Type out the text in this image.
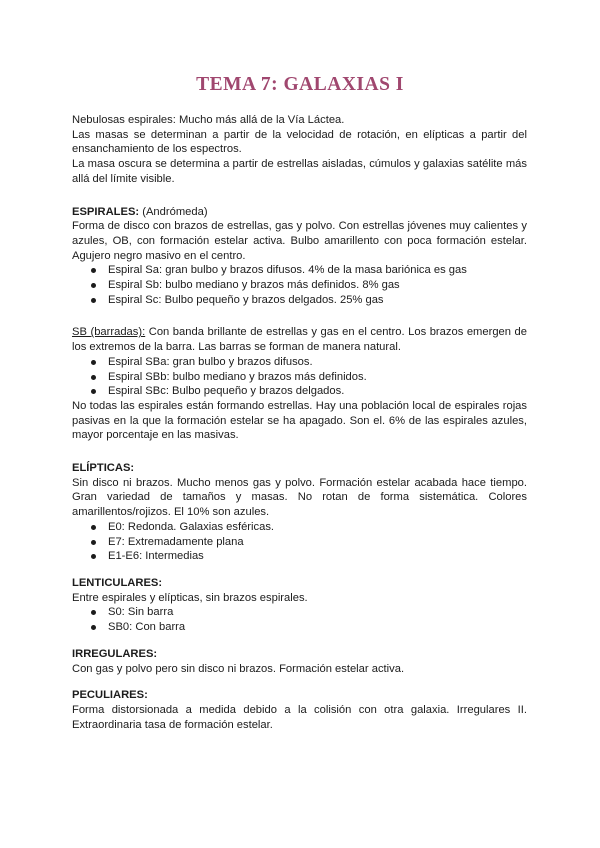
TEMA 7: GALAXIAS I

Nebulosas espirales: Mucho más allá de la Vía Láctea.

Las masas se determinan a partir de la velocidad de rotación, en elípticas a partir del ensanchamiento de los espectros.

La masa oscura se determina a partir de estrellas aisladas, cúmulos y galaxias satélite más allá del límite visible.

ESPIRALES: (Andrómeda)

Forma de disco con brazos de estrellas, gas y polvo. Con estrellas jóvenes muy calientes y azules, OB, con formación estelar activa. Bulbo amarillento con poca formación estelar. Agujero negro masivo en el centro.

Espiral Sa: gran bulbo y brazos difusos. 4% de la masa bariónica es gas
Espiral Sb: bulbo mediano y brazos más definidos. 8% gas
Espiral Sc: Bulbo pequeño y brazos delgados. 25% gas

SB (barradas): Con banda brillante de estrellas y gas en el centro. Los brazos emergen de los extremos de la barra. Las barras se forman de manera natural.

Espiral SBa: gran bulbo y brazos difusos.
Espiral SBb: bulbo mediano y brazos más definidos.
Espiral SBc: Bulbo pequeño y brazos delgados.

No todas las espirales están formando estrellas. Hay una población local de espirales rojas pasivas en la que la formación estelar se ha apagado. Son el. 6% de las espirales azules, mayor porcentaje en las masivas.

ELÍPTICAS:

Sin disco ni brazos. Mucho menos gas y polvo. Formación estelar acabada hace tiempo. Gran variedad de tamaños y masas. No rotan de forma sistemática. Colores amarillentos/rojizos. El 10% son azules.

E0: Redonda. Galaxias esféricas.
E7: Extremadamente plana
E1-E6: Intermedias

LENTICULARES:

Entre espirales y elípticas, sin brazos espirales.

S0: Sin barra
SB0: Con barra

IRREGULARES:

Con gas y polvo pero sin disco ni brazos. Formación estelar activa.

PECULIARES:

Forma distorsionada a medida debido a la colisión con otra galaxia. Irregulares II. Extraordinaria tasa de formación estelar.
